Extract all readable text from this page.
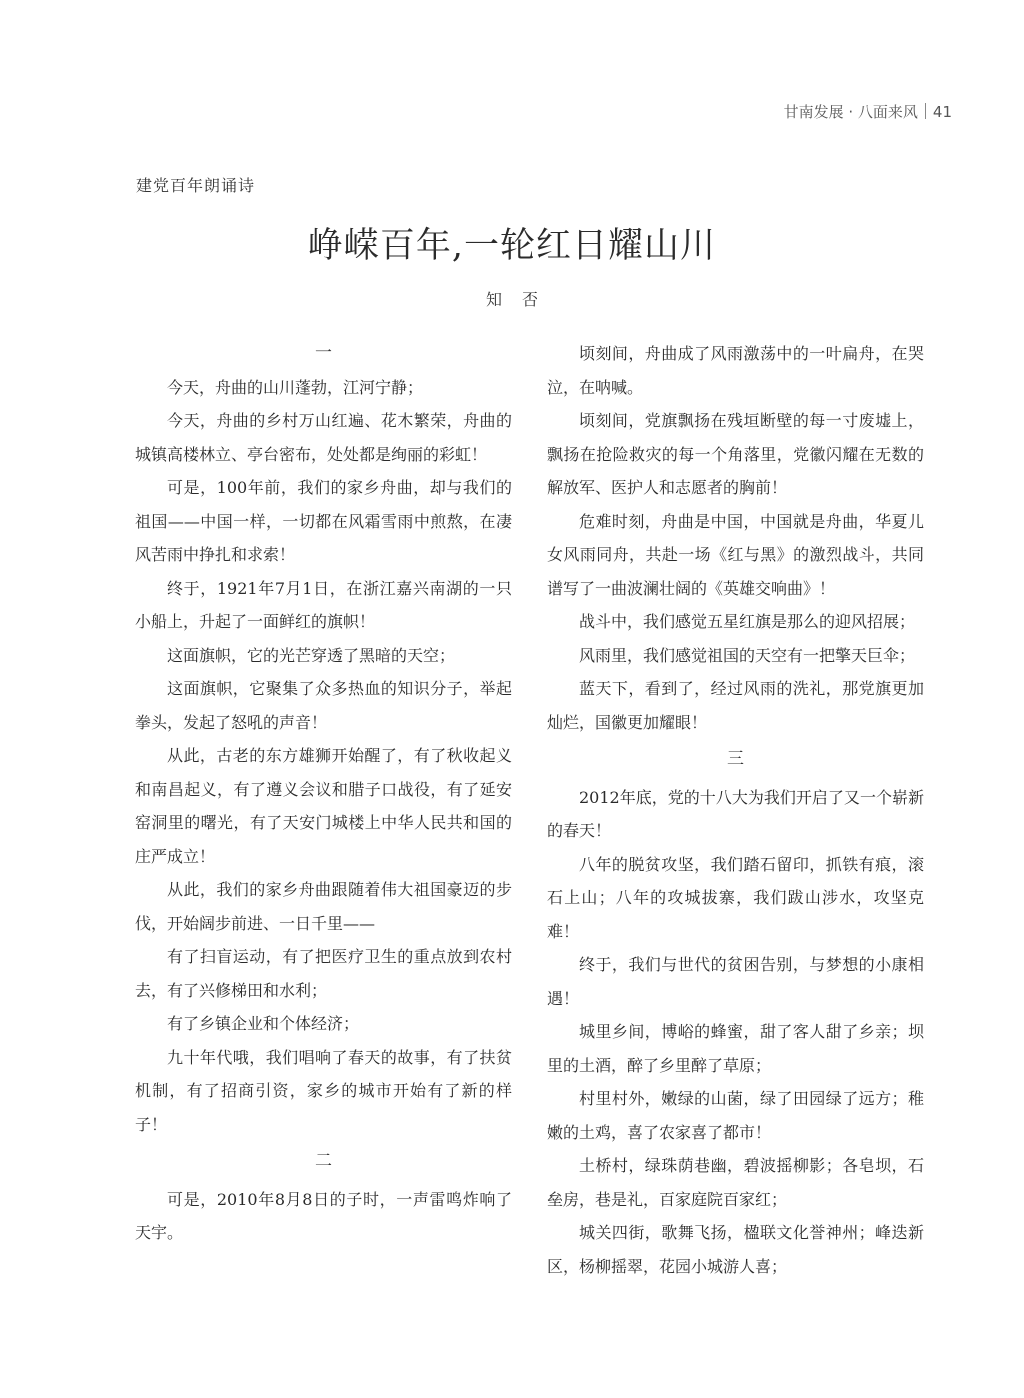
甘南发展 · 八面来风 41
建党百年朗诵诗
峥嵘百年,一轮红日耀山川
知否
一

今天，舟曲的山川蓬勃，江河宁静；

今天，舟曲的乡村万山红遍、花木繁荣，舟曲的城镇高楼林立、亭台密布，处处都是绚丽的彩虹！

可是，100年前，我们的家乡舟曲，却与我们的祖国——中国一样，一切都在风霜雪雨中煎熬，在凄风苦雨中挣扎和求索！

终于，1921年7月1日，在浙江嘉兴南湖的一只小船上，升起了一面鲜红的旗帜！

这面旗帜，它的光芒穿透了黑暗的天空；

这面旗帜，它聚集了众多热血的知识分子，举起拳头，发起了怒吼的声音！

从此，古老的东方雄狮开始醒了，有了秋收起义和南昌起义，有了遵义会议和腊子口战役，有了延安窑洞里的曙光，有了天安门城楼上中华人民共和国的庄严成立！

从此，我们的家乡舟曲跟随着伟大祖国豪迈的步伐，开始阔步前进、一日千里——

有了扫盲运动，有了把医疗卫生的重点放到农村去，有了兴修梯田和水利；

有了乡镇企业和个体经济；

九十年代哦，我们唱响了春天的故事，有了扶贫机制，有了招商引资，家乡的城市开始有了新的样子！

二

可是，2010年8月8日的子时，一声雷鸣炸响了天宇。

顷刻间，舟曲成了风雨激荡中的一叶扁舟，在哭泣，在呐喊。

顷刻间，党旗飘扬在残垣断壁的每一寸废墟上，飘扬在抢险救灾的每一个角落里，党徽闪耀在无数的解放军、医护人和志愿者的胸前！

危难时刻，舟曲是中国，中国就是舟曲，华夏儿女风雨同舟，共赴一场《红与黑》的激烈战斗，共同谱写了一曲波澜壮阔的《英雄交响曲》！

战斗中，我们感觉五星红旗是那么的迎风招展；

风雨里，我们感觉祖国的天空有一把擎天巨伞；

蓝天下，看到了，经过风雨的洗礼，那党旗更加灿烂，国徽更加耀眼！

三

2012年底，党的十八大为我们开启了又一个崭新的春天！

八年的脱贫攻坚，我们踏石留印，抓铁有痕，滚石上山；八年的攻城拔寨，我们跋山涉水，攻坚克难！

终于，我们与世代的贫困告别，与梦想的小康相遇！

城里乡间，博峪的蜂蜜，甜了客人甜了乡亲；坝里的土酒，醉了乡里醉了草原；

村里村外，嫩绿的山菌，绿了田园绿了远方；稚嫩的土鸡，喜了农家喜了都市！

土桥村，绿珠荫巷幽，碧波摇柳影；各皂坝，石垒房，巷是礼，百家庭院百家红；

城关四街，歌舞飞扬，楹联文化誉神州；峰迭新区，杨柳摇翠，花园小城游人喜；
